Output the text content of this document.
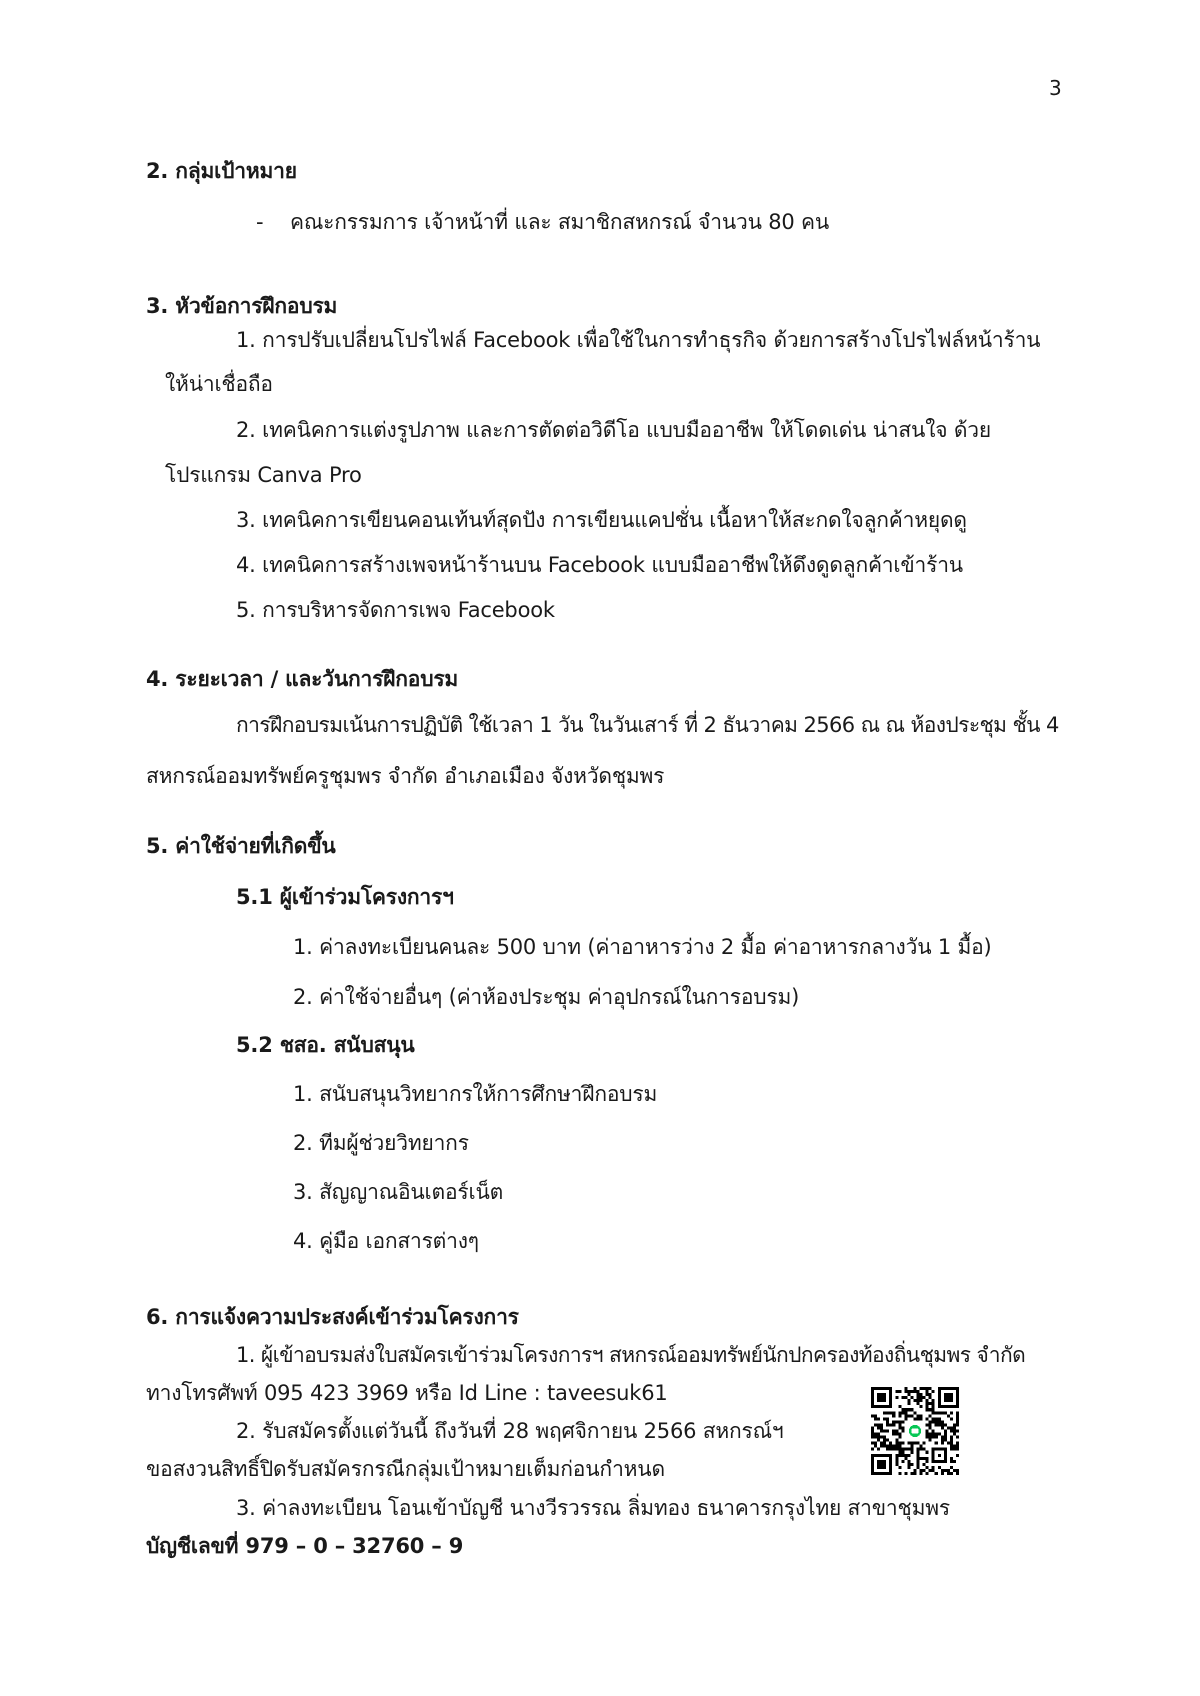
3
2. กลุ่มเป้าหมาย
- คณะกรรมการ เจ้าหน้าที่ และ สมาชิกสหกรณ์ จำนวน 80 คน
3. หัวข้อการฝึกอบรม
1. การปรับเปลี่ยนโปรไฟล์ Facebook เพื่อใช้ในการทำธุรกิจ ด้วยการสร้างโปรไฟล์หน้าร้าน
ให้น่าเชื่อถือ
2. เทคนิคการแต่งรูปภาพ และการตัดต่อวิดีโอ แบบมืออาชีพ ให้โดดเด่น น่าสนใจ ด้วย
โปรแกรม Canva Pro
3. เทคนิคการเขียนคอนเท้นท์สุดปัง การเขียนแคปชั่น เนื้อหาให้สะกดใจลูกค้าหยุดดู
4. เทคนิคการสร้างเพจหน้าร้านบน Facebook แบบมืออาชีพให้ดึงดูดลูกค้าเข้าร้าน
5. การบริหารจัดการเพจ Facebook
4. ระยะเวลา / และวันการฝึกอบรม
การฝึกอบรมเน้นการปฏิบัติ ใช้เวลา 1 วัน ในวันเสาร์ ที่ 2 ธันวาคม 2566 ณ ณ ห้องประชุม ชั้น 4
สหกรณ์ออมทรัพย์ครูชุมพร จำกัด อำเภอเมือง จังหวัดชุมพร
5. ค่าใช้จ่ายที่เกิดขึ้น
5.1 ผู้เข้าร่วมโครงการฯ
1. ค่าลงทะเบียนคนละ 500 บาท (ค่าอาหารว่าง 2 มื้อ ค่าอาหารกลางวัน 1 มื้อ)
2. ค่าใช้จ่ายอื่นๆ (ค่าห้องประชุม ค่าอุปกรณ์ในการอบรม)
5.2 ชสอ. สนับสนุน
1. สนับสนุนวิทยากรให้การศึกษาฝึกอบรม
2. ทีมผู้ช่วยวิทยากร
3. สัญญาณอินเตอร์เน็ต
4. คู่มือ เอกสารต่างๆ
6. การแจ้งความประสงค์เข้าร่วมโครงการ
1. ผู้เข้าอบรมส่งใบสมัครเข้าร่วมโครงการฯ สหกรณ์ออมทรัพย์นักปกครองท้องถิ่นชุมพร จำกัด
ทางโทรศัพท์ 095 423 3969 หรือ Id Line : taveesuk61
2. รับสมัครตั้งแต่วันนี้ ถึงวันที่ 28 พฤศจิกายน 2566 สหกรณ์ฯ
ขอสงวนสิทธิ์ปิดรับสมัครกรณีกลุ่มเป้าหมายเต็มก่อนกำหนด
3. ค่าลงทะเบียน โอนเข้าบัญชี นางวีรวรรณ ลิ่มทอง ธนาคารกรุงไทย สาขาชุมพร
บัญชีเลขที่ 979 – 0 – 32760 – 9
